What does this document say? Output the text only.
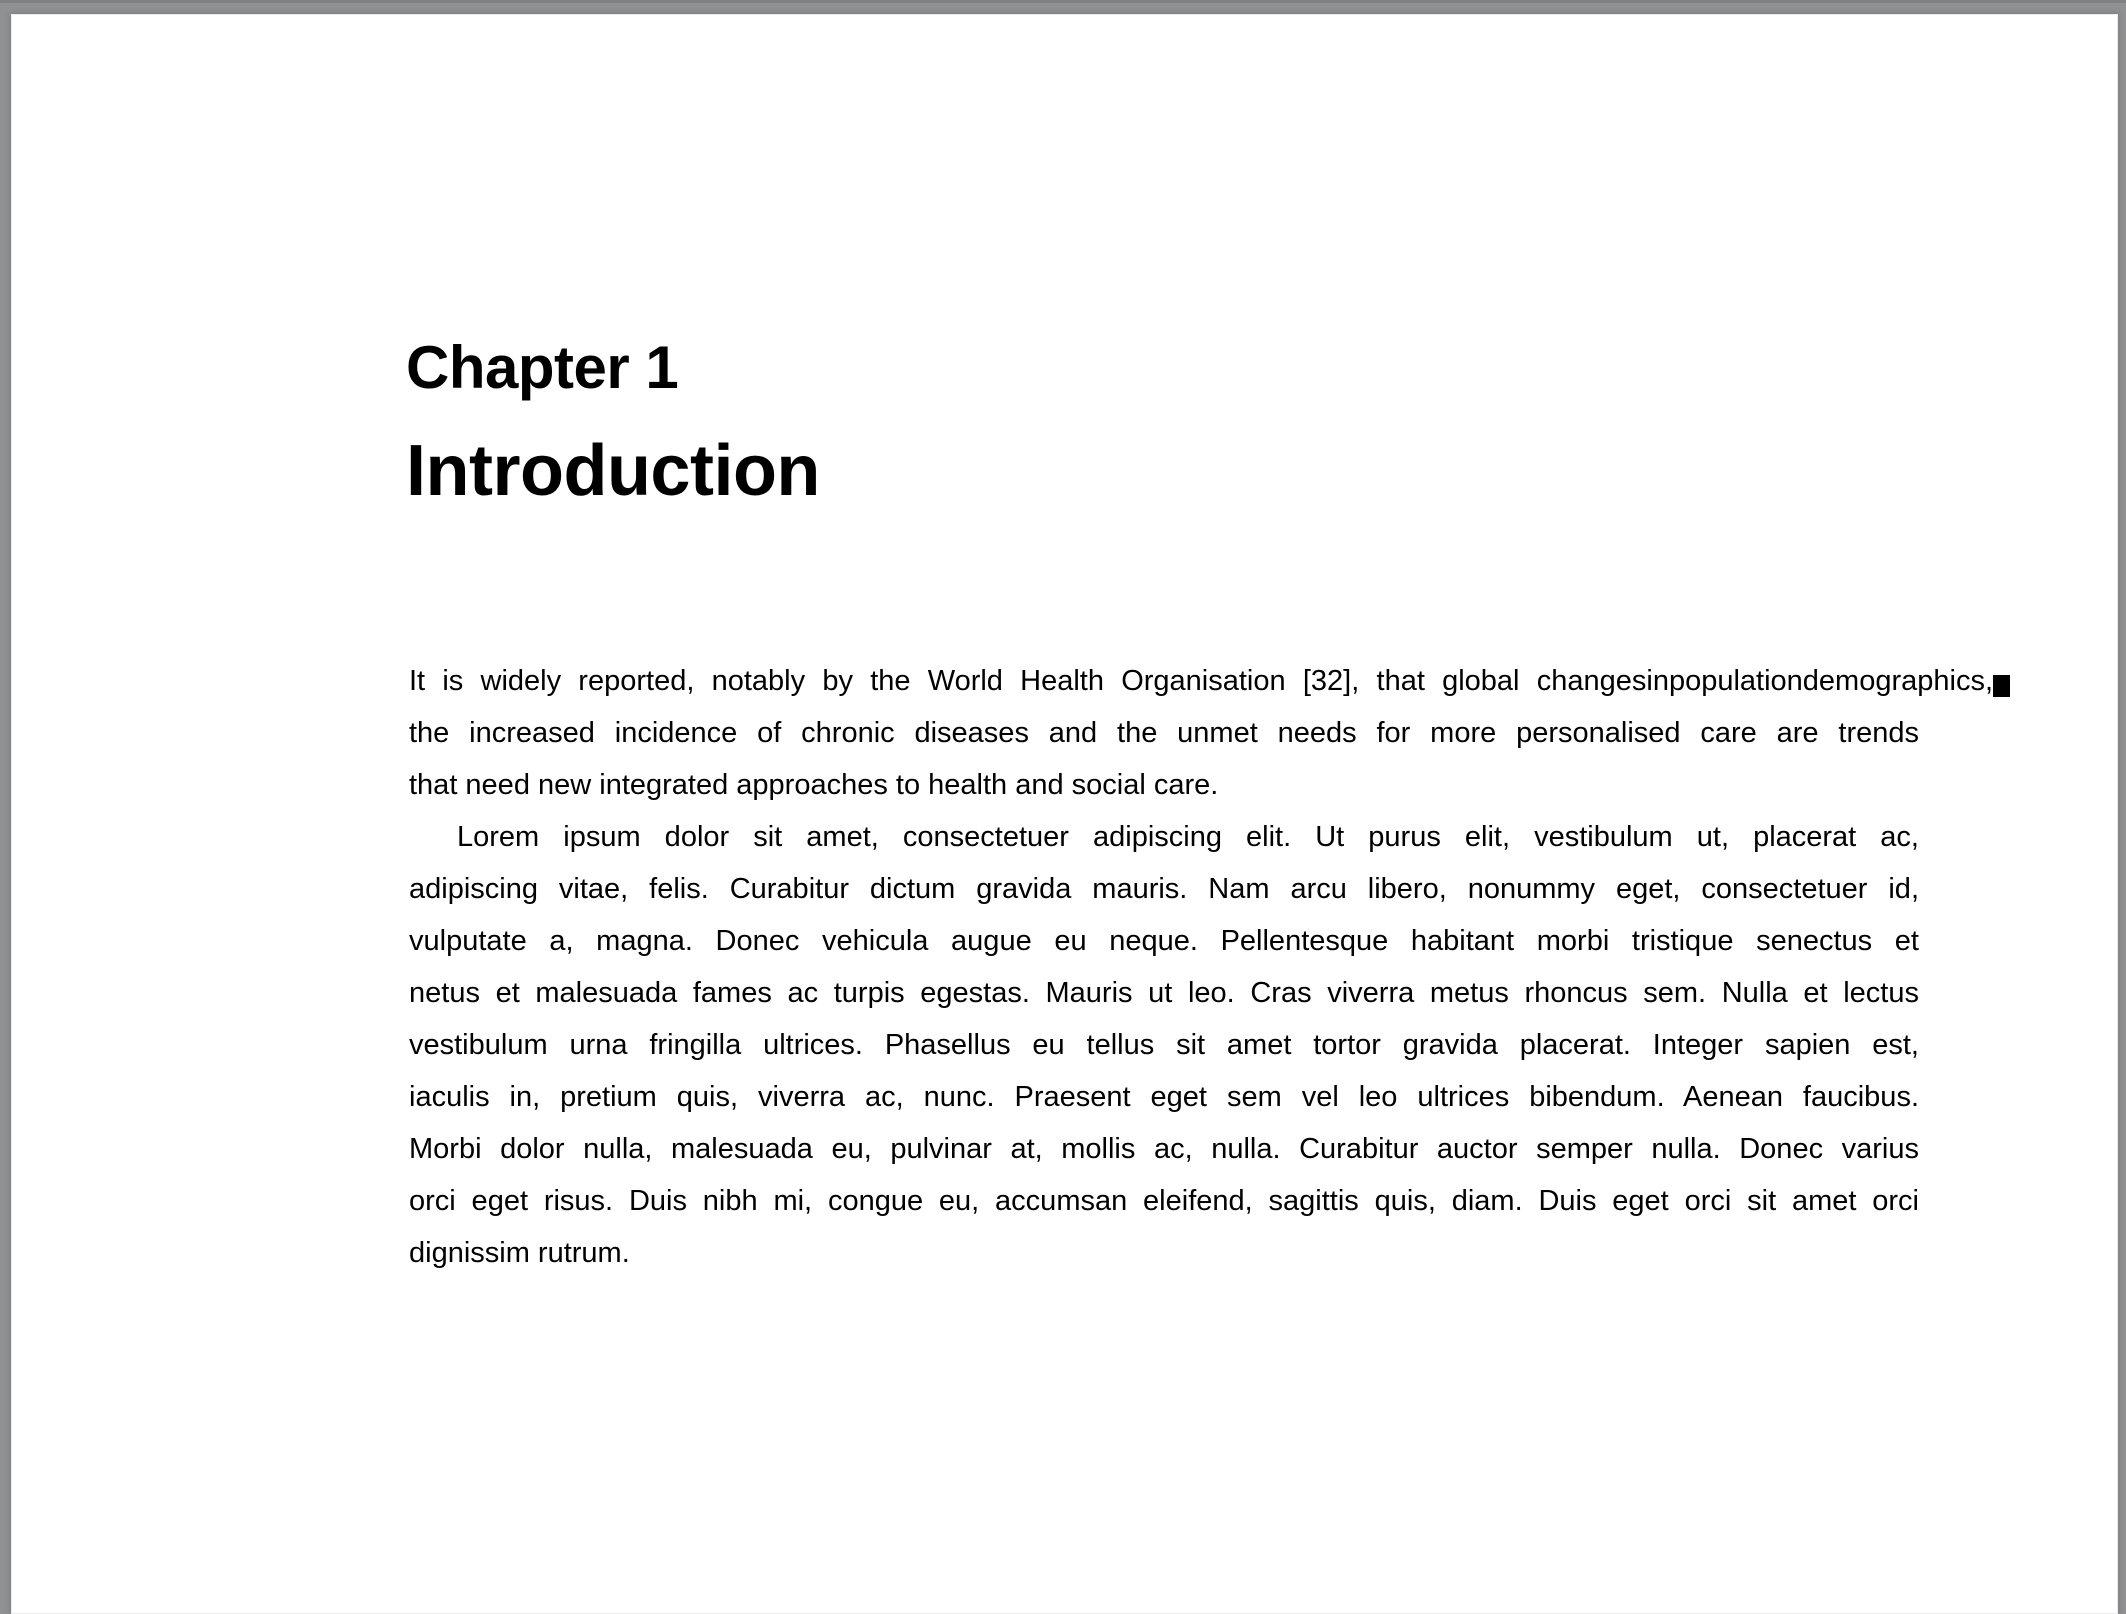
Chapter 1
Introduction
It is widely reported, notably by the World Health Organisation [32], that global changesinpopulationdemographics,
the increased incidence of chronic diseases and the unmet needs for more personalised care are trends
that need new integrated approaches to health and social care.
Lorem ipsum dolor sit amet, consectetuer adipiscing elit. Ut purus elit, vestibulum ut, placerat ac,
adipiscing vitae, felis. Curabitur dictum gravida mauris. Nam arcu libero, nonummy eget, consectetuer id,
vulputate a, magna. Donec vehicula augue eu neque. Pellentesque habitant morbi tristique senectus et
netus et malesuada fames ac turpis egestas. Mauris ut leo. Cras viverra metus rhoncus sem. Nulla et lectus
vestibulum urna fringilla ultrices. Phasellus eu tellus sit amet tortor gravida placerat. Integer sapien est,
iaculis in, pretium quis, viverra ac, nunc. Praesent eget sem vel leo ultrices bibendum. Aenean faucibus.
Morbi dolor nulla, malesuada eu, pulvinar at, mollis ac, nulla. Curabitur auctor semper nulla. Donec varius
orci eget risus. Duis nibh mi, congue eu, accumsan eleifend, sagittis quis, diam. Duis eget orci sit amet orci
dignissim rutrum.
